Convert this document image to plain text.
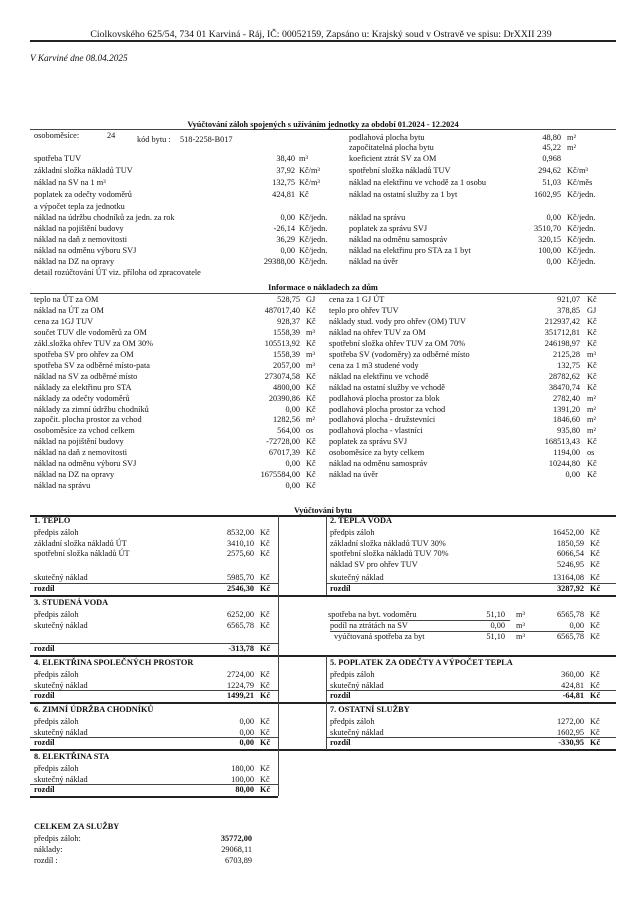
Ciolkovského 625/54, 734 01 Karviná - Ráj, IČ: 00052159, Zapsáno u: Krajský soud v Ostravě ve spisu: DrXXII 239
V Karviné dne 08.04.2025
Vyúčtování záloh spojených s užíváním jednotky za období 01.2024 - 12.2024
osoboměsíce:	24	kód bytu : 518-2258-B017
spotřeba TUV	38,40 m³
základní složka nákladů TUV	37,92 Kč/m³
náklad na SV na 1 m³	132,75 Kč/m³
poplatek za odečty vodoměrů	424,81 Kč
a výpočet tepla za jednotku
náklad na údržbu chodníků za jedn. za rok	0,00 Kč/jedn.
náklad na pojištění budovy	-26,14 Kč/jedn.
náklad na daň z nemovitosti	36,29 Kč/jedn.
náklad na odměnu výboru SVJ	0,00 Kč/jedn.
náklad na DZ na opravy	29388,00 Kč/jedn.
detail rozúčtování ÚT viz. příloha od zpracovatele
podlahová plocha bytu	48,80 m²
započitatelná plocha bytu	45,22 m²
koeficient ztrát SV za OM	0,968
spotřební složka nákladů TUV	294,62 Kč/m³
náklad na elektřinu ve vchodě za 1 osobu	51,03 Kč/měs
náklad na ostatní služby za 1 byt	1602,95 Kč/jedn.
náklad na správu	0,00 Kč/jedn.
poplatek za správu SVJ	3510,70 Kč/jedn.
náklad na odměnu samospráv	320,15 Kč/jedn.
náklad na elektřinu pro STA za 1 byt	100,00 Kč/jedn.
náklad na úvěr	0,00 Kč/jedn.
Informace o nákladech za dům
teplo na ÚT za OM	528,75 GJ
náklad na ÚT za OM	487017,40 Kč
cena za 1GJ TUV	928,37 Kč
součet TUV dle vodoměrů za OM	1558,39 m³
zákl.složka ohřev TUV za OM 30%	105513,92 Kč
spotřeba SV pro ohřev za OM	1558,39 m³
spotřeba SV za odběrné místo-pata	2057,00 m³
náklad na SV za odběrné místo	273074,58 Kč
náklady za elektřinu pro STA	4800,00 Kč
náklady za odečty vodoměrů	20390,86 Kč
náklady za zimní údržbu chodníků	0,00 Kč
započit. plocha prostor za vchod	1282,56 m²
osoboměsíce za vchod celkem	564,00 os
náklad na pojištění budovy	-72728,00 Kč
náklad na daň z nemovitosti	67017,39 Kč
náklad na odměnu výboru SVJ	0,00 Kč
náklad na DZ na opravy	1675584,00 Kč
náklad na správu	0,00 Kč
cena za 1 GJ ÚT	921,07 Kč
teplo pro ohřev TUV	378,85 GJ
náklady stud. vody pro ohřev (OM) TUV	212937,42 Kč
náklad na ohřev TUV za OM	351712,81 Kč
spotřební složka ohřev TUV za OM 70%	246198,97 Kč
spotřeba SV (vodoměry) za odběrné místo	2125,28 m³
cena za 1 m3 studené vody	132,75 Kč
náklad na elektřinu ve vchodě	28782,62 Kč
náklad na ostatní služby ve vchodě	38470,74 Kč
podlahová plocha prostor za blok	2782,40 m²
podlahová plocha prostor za vchod	1391,20 m²
podlahová plocha - družstevníci	1846,60 m²
podlahová plocha - vlastníci	935,80 m²
poplatek za správu SVJ	168513,43 Kč
osoboměsíce za byty celkem	1194,00 os
náklad na odměnu samospráv	10244,80 Kč
náklad na úvěr	0,00 Kč
Vyúčtování bytu
1. TEPLO
předpis záloh	8532,00 Kč
základní složka nákladů ÚT	3410,10 Kč
spotřební složka nákladů ÚT	2575,60 Kč
skutečný náklad	5985,70 Kč
rozdíl	2546,30 Kč
2. TEPLÁ VODA
předpis záloh	16452,00 Kč
základní složka nákladů TUV 30%	1850,59 Kč
spotřební složka nákladů TUV 70%	6066,54 Kč
náklad SV pro ohřev TUV	5246,95 Kč
skutečný náklad	13164,08 Kč
rozdíl	3287,92 Kč
3. STUDENÁ VODA
předpis záloh	6252,00 Kč
skutečný náklad	6565,78 Kč
rozdíl	-313,78 Kč
spotřeba na byt. vodoměru	51,10 m³	6565,78 Kč
podíl na ztrátách na SV	0,00 m³	0,00 Kč
vyúčtovaná spotřeba za byt	51,10 m³	6565,78 Kč
4. ELEKTŘINA SPOLEČNÝCH PROSTOR
předpis záloh	2724,00 Kč
skutečný náklad	1224,79 Kč
rozdíl	1499,21 Kč
5. POPLATEK ZA ODEČTY A VÝPOČET TEPLA
předpis záloh	360,00 Kč
skutečný náklad	424,81 Kč
rozdíl	-64,81 Kč
6. ZIMNÍ ÚDRŽBA CHODNÍKŮ
předpis záloh	0,00 Kč
skutečný náklad	0,00 Kč
rozdíl	0,00 Kč
7. OSTATNÍ SLUŽBY
předpis záloh	1272,00 Kč
skutečný náklad	1602,95 Kč
rozdíl	-330,95 Kč
8. ELEKTŘINA STA
předpis záloh	180,00 Kč
skutečný náklad	100,00 Kč
rozdíl	80,00 Kč
CELKEM ZA SLUŽBY
předpis záloh:	35772,00
náklady:	29068,11
rozdíl :	6703,89
